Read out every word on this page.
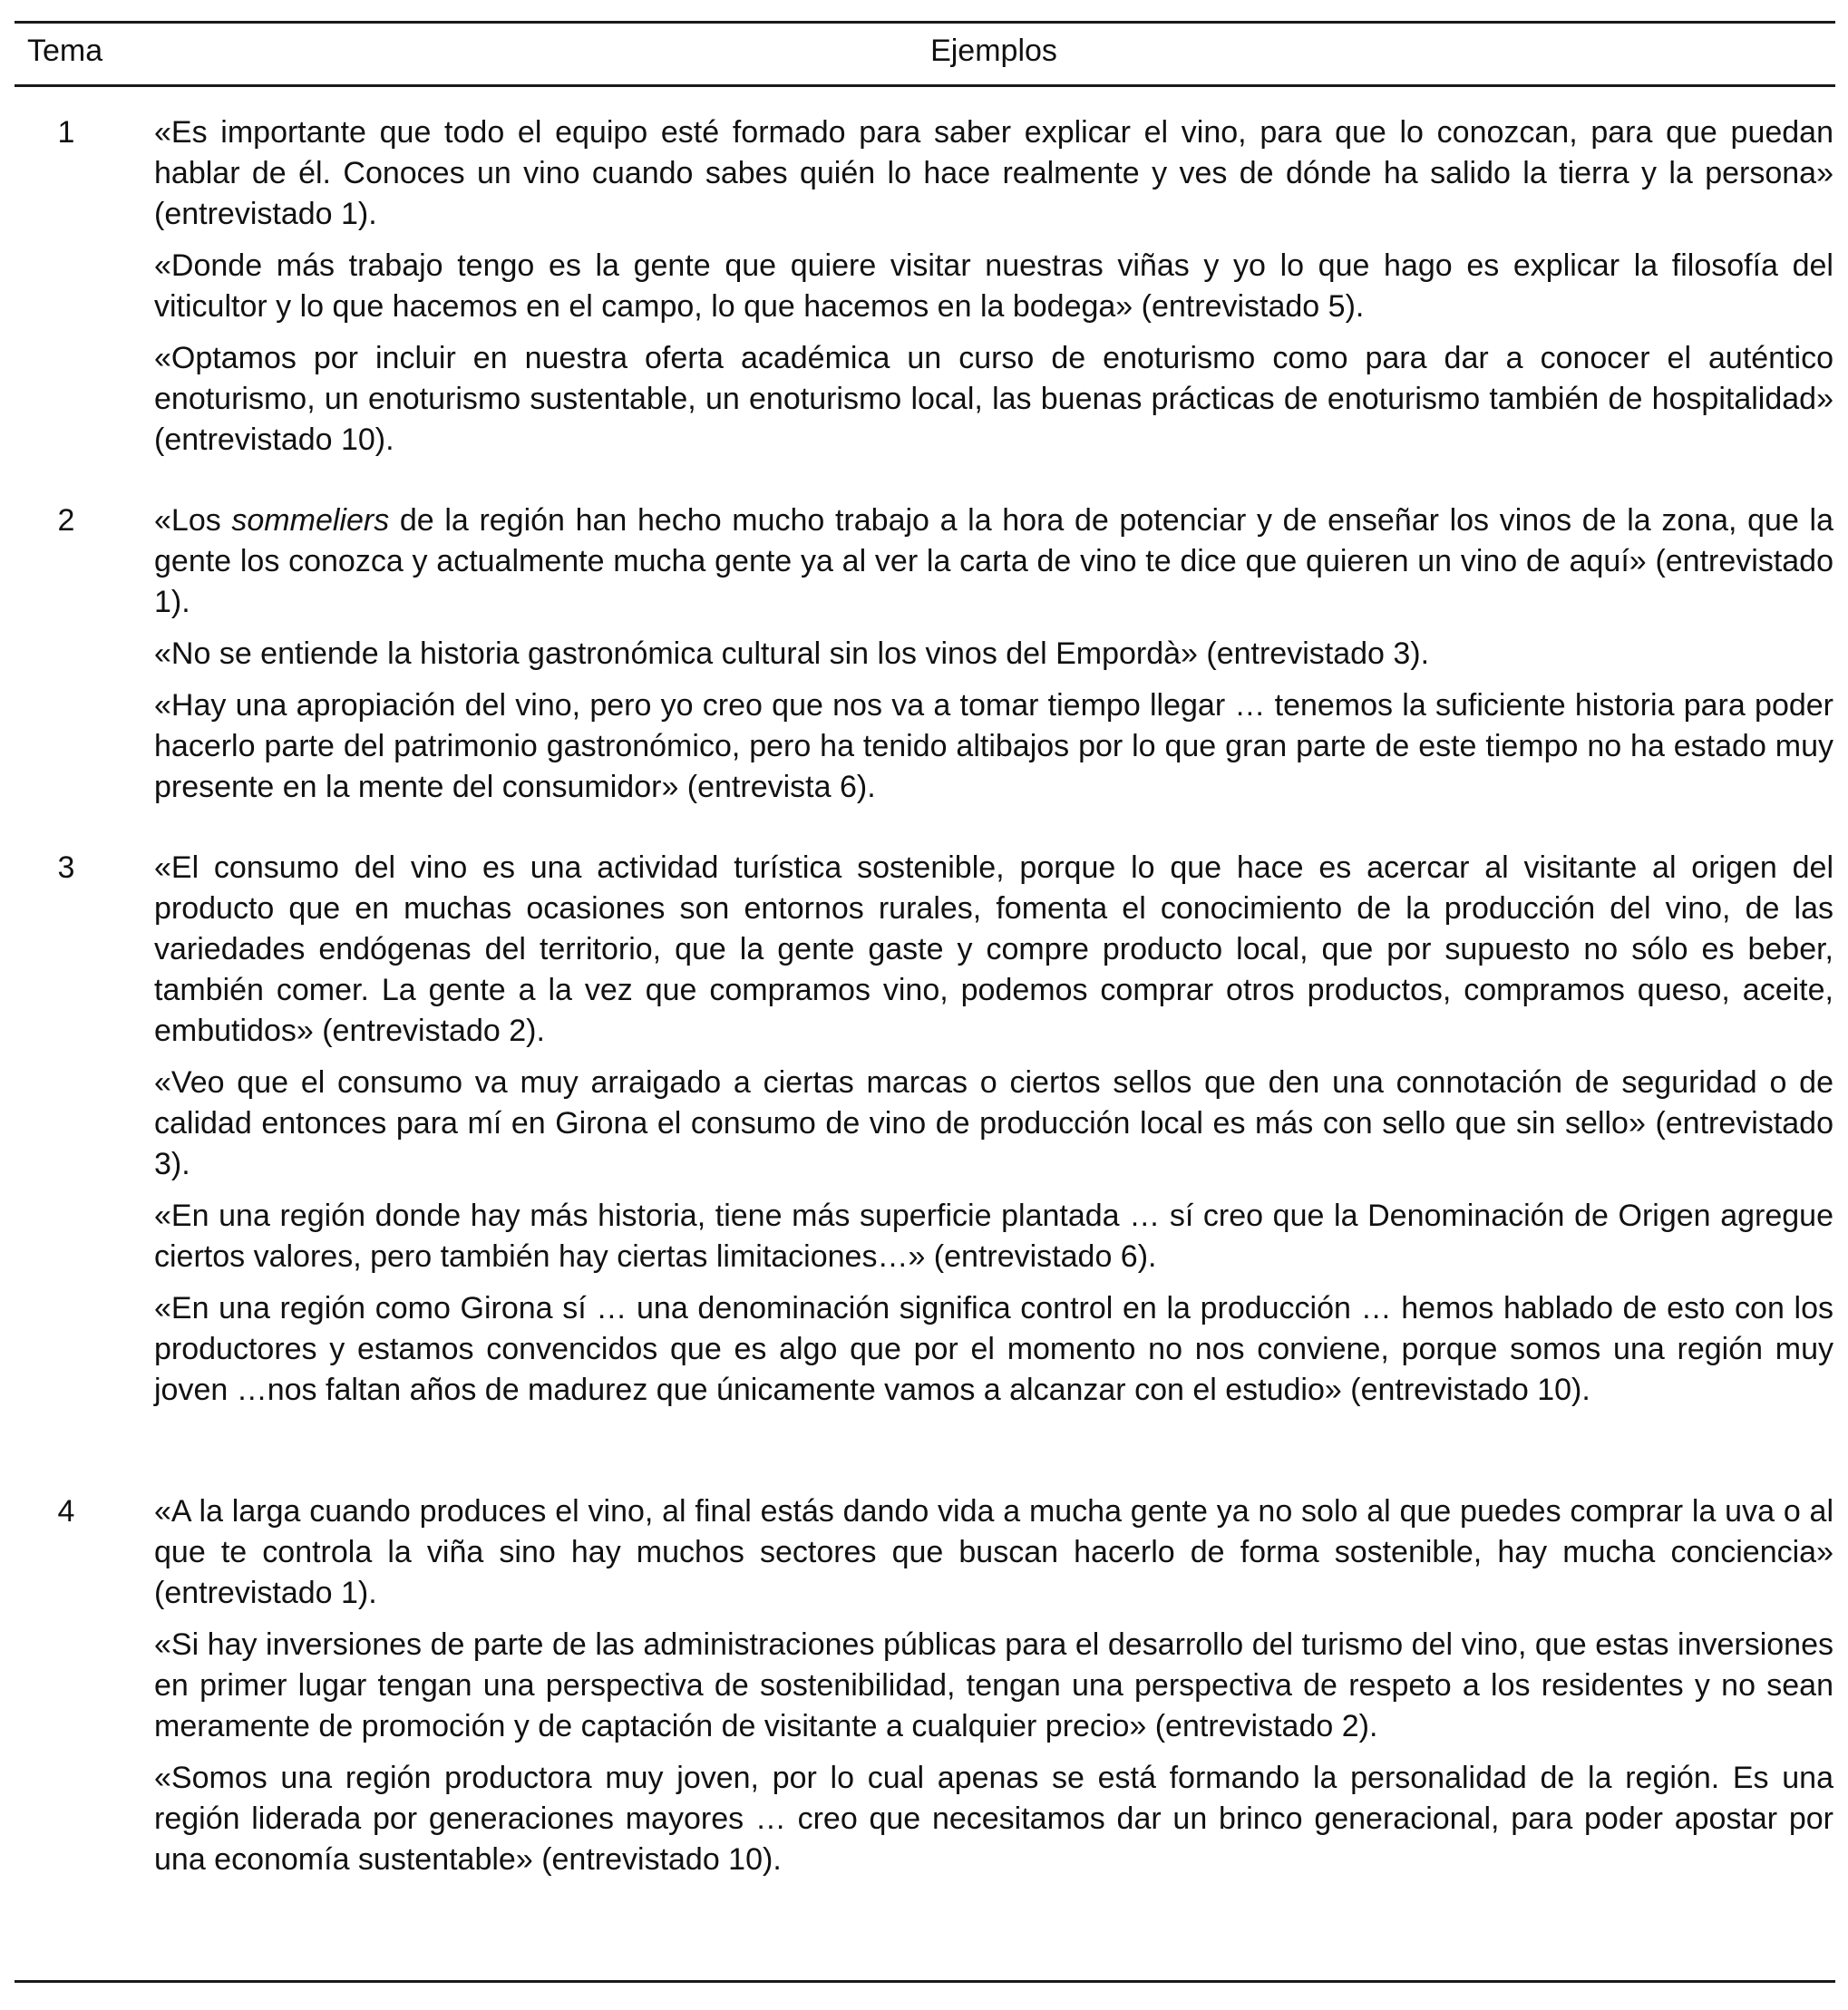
Tema	Ejemplos
1	«Es importante que todo el equipo esté formado para saber explicar el vino, para que lo conozcan, para que puedan hablar de él. Conoces un vino cuando sabes quién lo hace realmente y ves de dónde ha salido la tierra y la persona» (entrevistado 1).

«Donde más trabajo tengo es la gente que quiere visitar nuestras viñas y yo lo que hago es explicar la filosofía del viticultor y lo que hacemos en el campo, lo que hacemos en la bodega» (entrevistado 5).

«Optamos por incluir en nuestra oferta académica un curso de enoturismo como para dar a conocer el auténtico enoturismo, un enoturismo sustentable, un enoturismo local, las buenas prácticas de enoturismo también de hospitalidad» (entrevistado 10).

2	«Los sommeliers de la región han hecho mucho trabajo a la hora de potenciar y de enseñar los vinos de la zona, que la gente los conozca y actualmente mucha gente ya al ver la carta de vino te dice que quieren un vino de aquí» (entrevistado 1).

«No se entiende la historia gastronómica cultural sin los vinos del Empordà» (entrevistado 3).

«Hay una apropiación del vino, pero yo creo que nos va a tomar tiempo llegar … tenemos la suficiente historia para poder hacerlo parte del patrimonio gastronómico, pero ha tenido altibajos por lo que gran parte de este tiempo no ha estado muy presente en la mente del consumidor» (entrevista 6).

3	«El consumo del vino es una actividad turística sostenible, porque lo que hace es acercar al visitante al origen del producto que en muchas ocasiones son entornos rurales, fomenta el conocimiento de la producción del vino, de las variedades endógenas del territorio, que la gente gaste y compre producto local, que por supuesto no sólo es beber, también comer. La gente a la vez que compramos vino, podemos comprar otros productos, compramos queso, aceite, embutidos» (entrevistado 2).

«Veo que el consumo va muy arraigado a ciertas marcas o ciertos sellos que den una connotación de seguridad o de calidad entonces para mí en Girona el consumo de vino de producción local es más con sello que sin sello» (entrevistado 3).

«En una región donde hay más historia, tiene más superficie plantada … sí creo que la Denominación de Origen agregue ciertos valores, pero también hay ciertas limitaciones…» (entrevistado 6).

«En una región como Girona sí … una denominación significa control en la producción … hemos hablado de esto con los productores y estamos convencidos que es algo que por el momento no nos conviene, porque somos una región muy joven …nos faltan años de madurez que únicamente vamos a alcanzar con el estudio» (entrevistado 10).

4	«A la larga cuando produces el vino, al final estás dando vida a mucha gente ya no solo al que puedes comprar la uva o al que te controla la viña sino hay muchos sectores que buscan hacerlo de forma sostenible, hay mucha conciencia» (entrevistado 1).

«Si hay inversiones de parte de las administraciones públicas para el desarrollo del turismo del vino, que estas inversiones en primer lugar tengan una perspectiva de sostenibilidad, tengan una perspectiva de respeto a los residentes y no sean meramente de promoción y de captación de visitante a cualquier precio» (entrevistado 2).

«Somos una región productora muy joven, por lo cual apenas se está formando la personalidad de la región. Es una región liderada por generaciones mayores … creo que necesitamos dar un brinco generacional, para poder apostar por una economía sustentable» (entrevistado 10).
